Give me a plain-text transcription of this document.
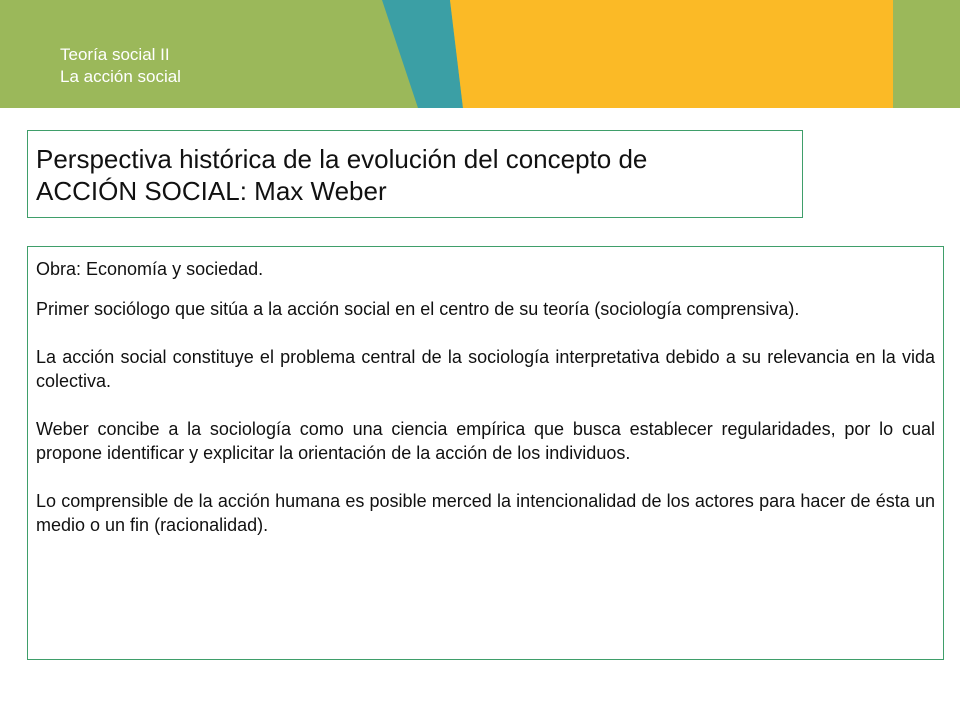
Teoría social II
La acción social
Perspectiva histórica de la evolución del concepto de
ACCIÓN SOCIAL: Max Weber

Obra: Economía y sociedad.

Primer sociólogo que sitúa a la acción social en el centro de su teoría (sociología comprensiva).

La acción social constituye el problema central de la sociología interpretativa debido a su relevancia en la vida colectiva.

Weber concibe a la sociología como una ciencia empírica que busca establecer regularidades, por lo cual propone identificar y explicitar la orientación de la acción de los individuos.

Lo comprensible de la acción humana es posible merced la intencionalidad de los actores para hacer de ésta un medio o un fin (racionalidad).
